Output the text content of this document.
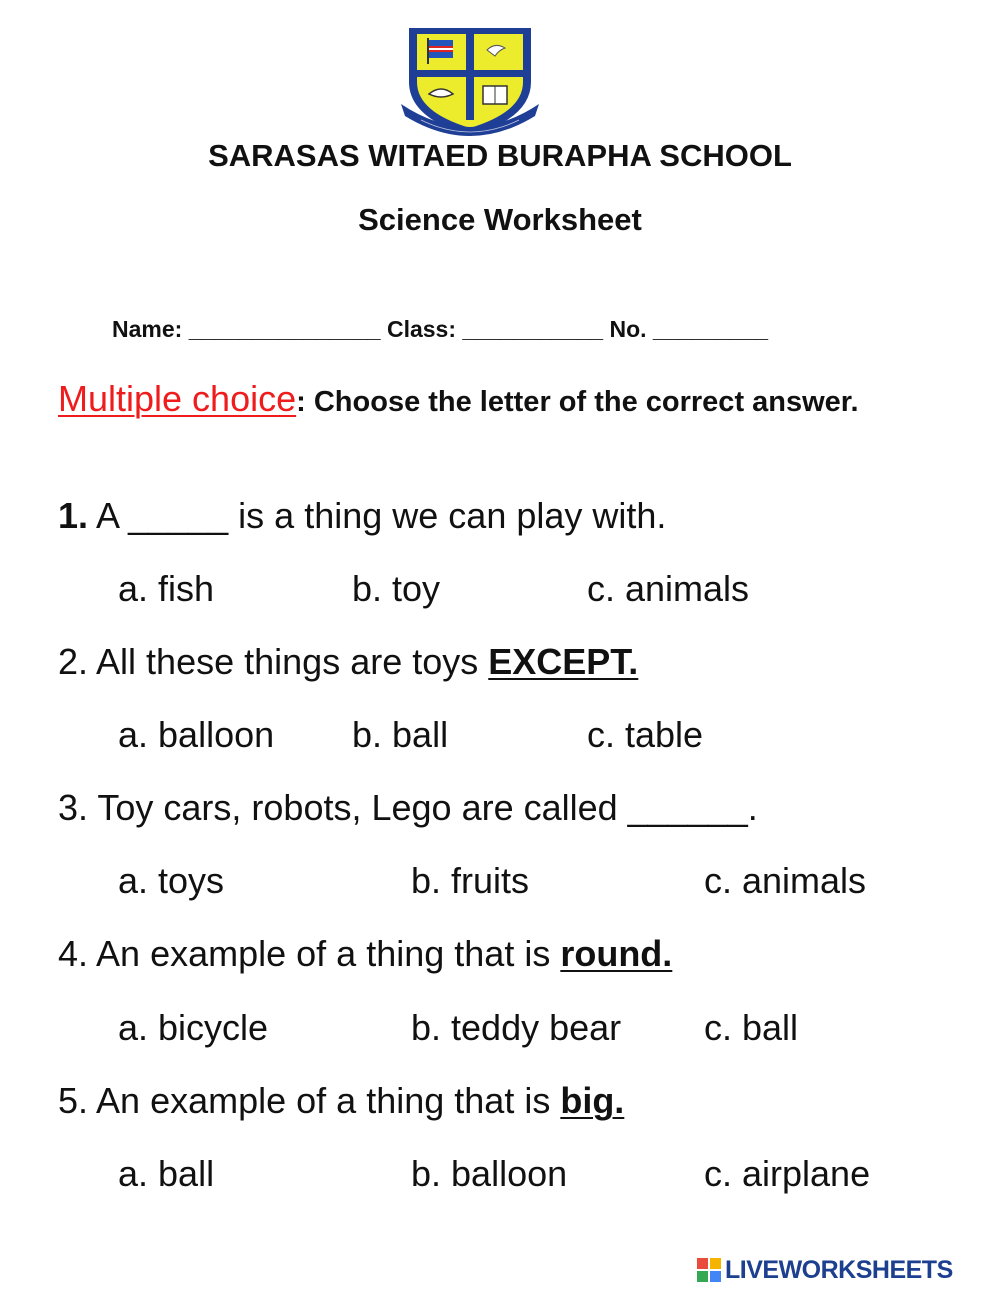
SARASAS WITAED BURAPHA SCHOOL
Science Worksheet
Name: _______________ Class: ___________ No. _________
Multiple choice: Choose the letter of the correct answer.
1. A _____ is a thing we can play with.
a. fish	b. toy	c. animals
2. All these things are toys EXCEPT.
a. balloon b. ball	c. table
3. Toy cars, robots, Lego are called ______.
a. toys	b. fruits	c. animals
4. An example of a thing that is round.
a. bicycle	b. teddy bear c. ball
5. An example of a thing that is big.
a. ball	b. balloon	c. airplane
LIVEWORKSHEETS
